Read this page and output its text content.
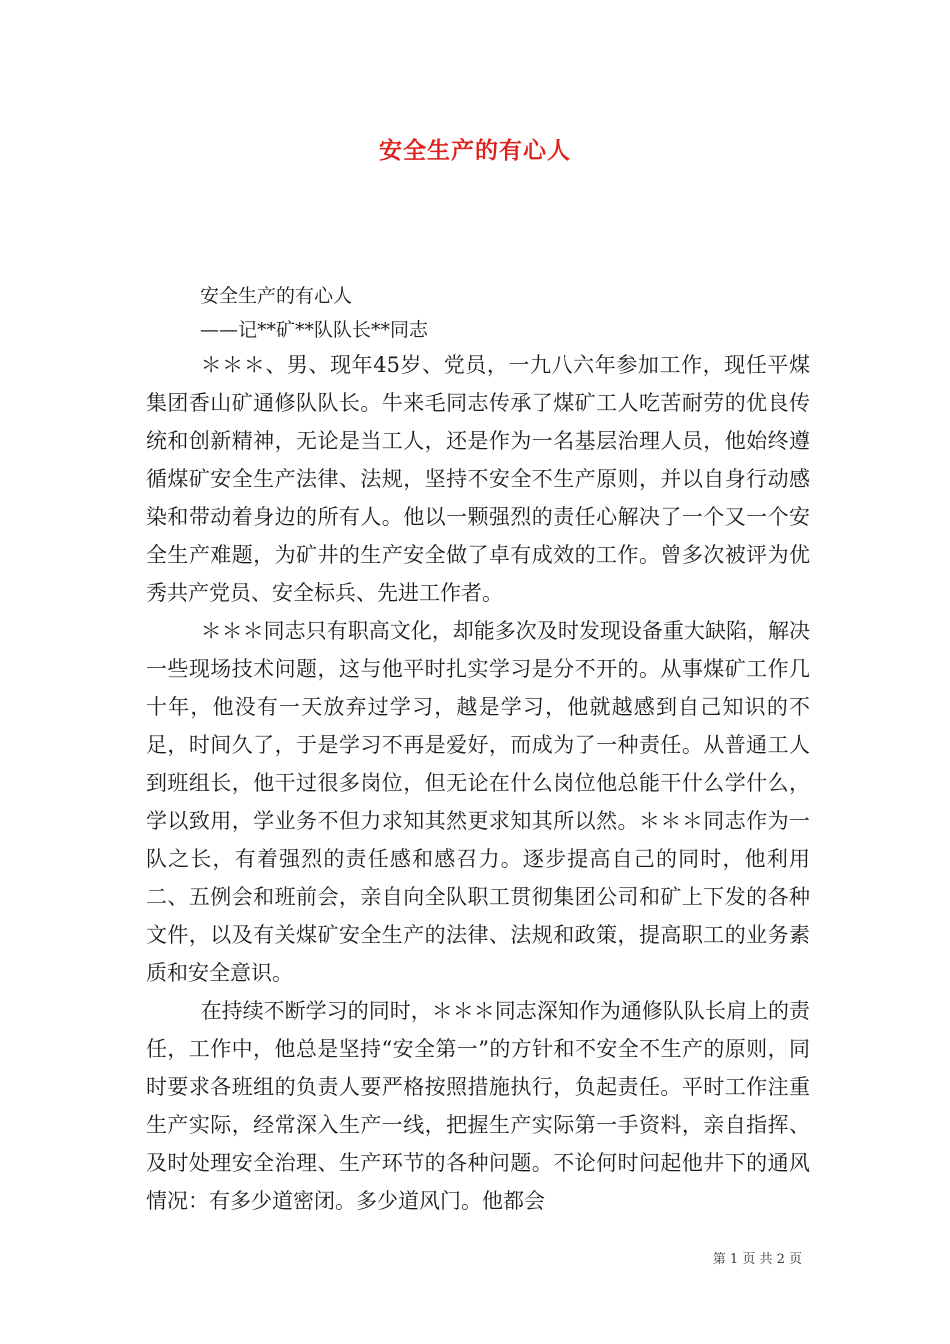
安全生产的有心人
安全生产的有心人
——记**矿**队队长**同志

＊＊＊、男、现年45岁、党员，一九八六年参加工作，现任平煤集团香山矿通修队队长。牛来毛同志传承了煤矿工人吃苦耐劳的优良传统和创新精神，无论是当工人，还是作为一名基层治理人员，他始终遵循煤矿安全生产法律、法规，坚持不安全不生产原则，并以自身行动感染和带动着身边的所有人。他以一颗强烈的责任心解决了一个又一个安全生产难题，为矿井的生产安全做了卓有成效的工作。曾多次被评为优秀共产党员、安全标兵、先进工作者。

＊＊＊同志只有职高文化，却能多次及时发现设备重大缺陷，解决一些现场技术问题，这与他平时扎实学习是分不开的。从事煤矿工作几十年，他没有一天放弃过学习，越是学习，他就越感到自己知识的不足，时间久了，于是学习不再是爱好，而成为了一种责任。从普通工人到班组长，他干过很多岗位，但无论在什么岗位他总能干什么学什么，学以致用，学业务不但力求知其然更求知其所以然。＊＊＊同志作为一队之长，有着强烈的责任感和感召力。逐步提高自己的同时，他利用二、五例会和班前会，亲自向全队职工贯彻集团公司和矿上下发的各种文件，以及有关煤矿安全生产的法律、法规和政策，提高职工的业务素质和安全意识。

在持续不断学习的同时，＊＊＊同志深知作为通修队队长肩上的责任，工作中，他总是坚持“安全第一”的方针和不安全不生产的原则，同时要求各班组的负责人要严格按照措施执行，负起责任。平时工作注重生产实际，经常深入生产一线，把握生产实际第一手资料，亲自指挥、及时处理安全治理、生产环节的各种问题。不论何时问起他井下的通风情况：有多少道密闭。多少道风门。他都会

第 1 页 共 2 页
